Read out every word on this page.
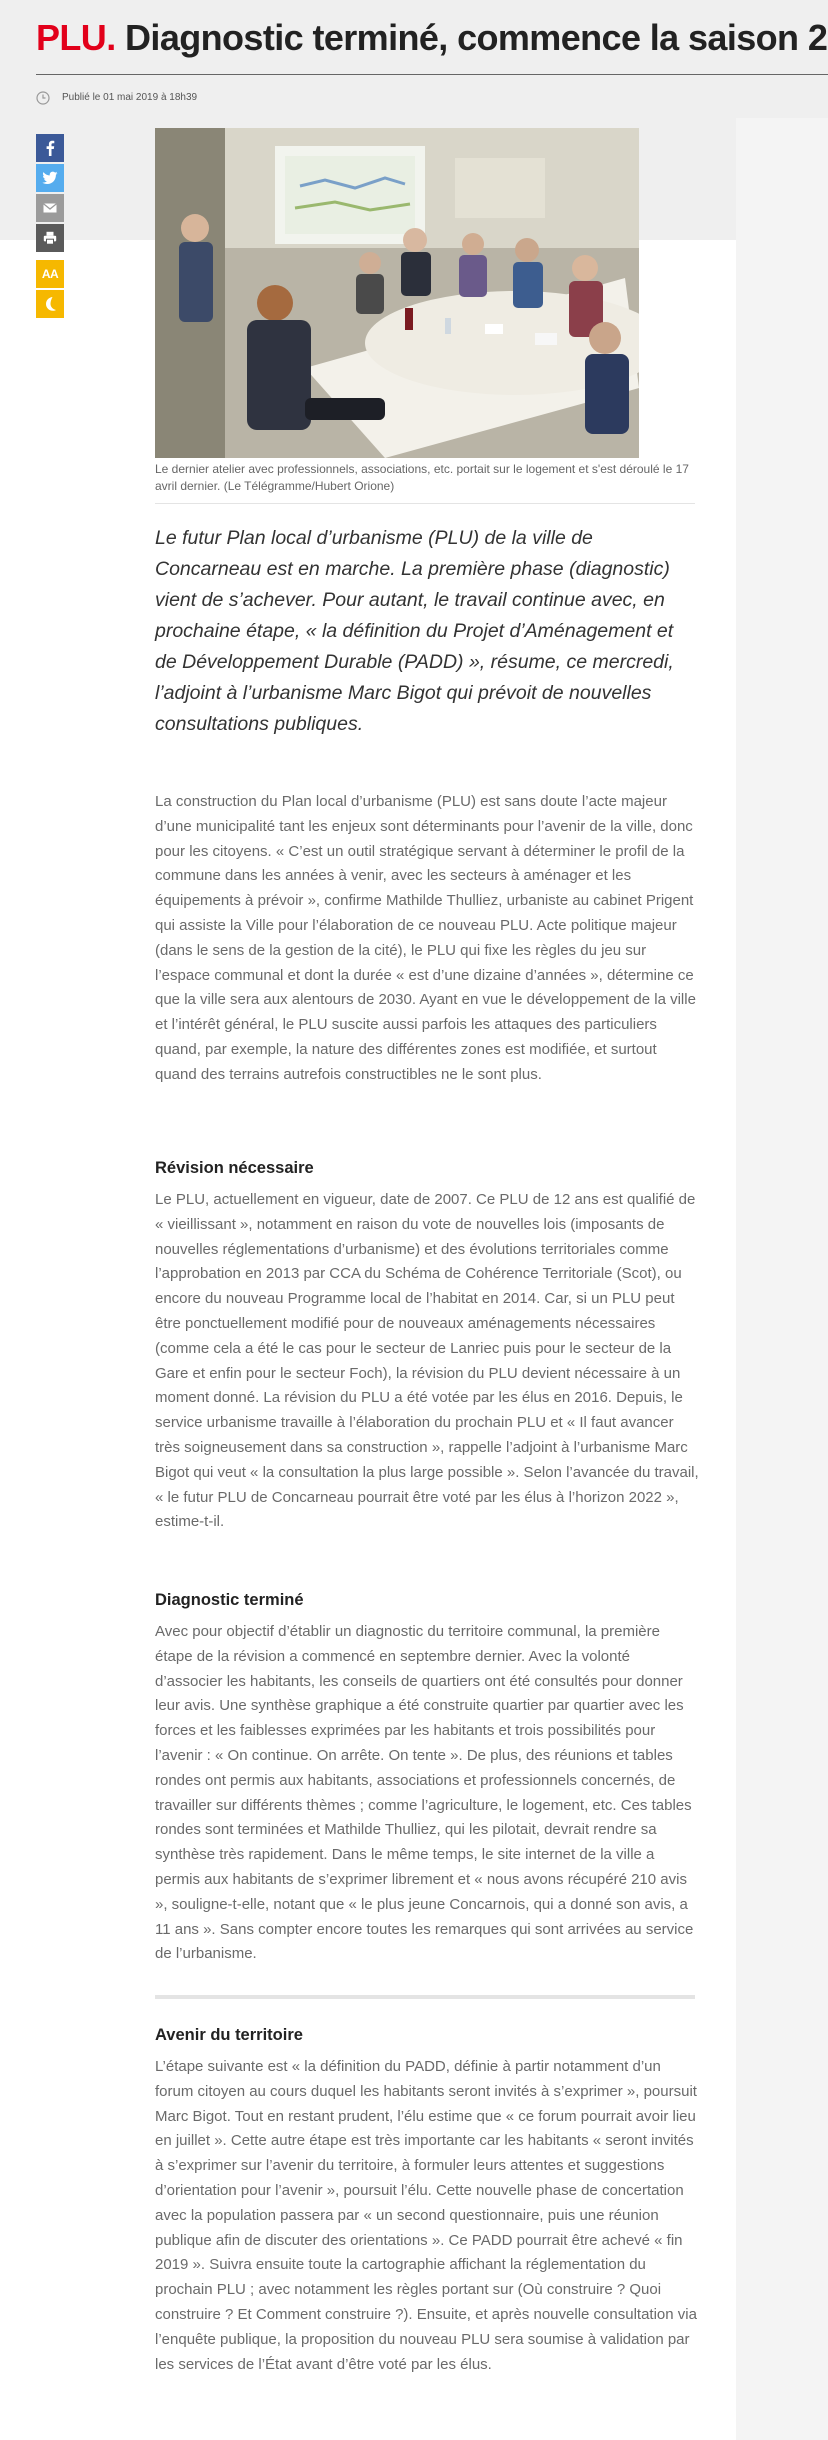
PLU. Diagnostic terminé, commence la saison 2
Publié le 01 mai 2019 à 18h39
AA

Le dernier atelier avec professionnels, associations, etc. portait sur le logement et s'est déroulé le 17 avril dernier. (Le Télégramme/Hubert Orione)

Le futur Plan local d’urbanisme (PLU) de la ville de Concarneau est en marche. La première phase (diagnostic) vient de s’achever. Pour autant, le travail continue avec, en prochaine étape, « la définition du Projet d’Aménagement et de Développement Durable (PADD) », résume, ce mercredi, l’adjoint à l’urbanisme Marc Bigot qui prévoit de nouvelles consultations publiques.

La construction du Plan local d’urbanisme (PLU) est sans doute l’acte majeur d’une municipalité tant les enjeux sont déterminants pour l’avenir de la ville, donc pour les citoyens. « C’est un outil stratégique servant à déterminer le profil de la commune dans les années à venir, avec les secteurs à aménager et les équipements à prévoir », confirme Mathilde Thulliez, urbaniste au cabinet Prigent qui assiste la Ville pour l’élaboration de ce nouveau PLU. Acte politique majeur (dans le sens de la gestion de la cité), le PLU qui fixe les règles du jeu sur l’espace communal et dont la durée « est d’une dizaine d’années », détermine ce que la ville sera aux alentours de 2030. Ayant en vue le développement de la ville et l’intérêt général, le PLU suscite aussi parfois les attaques des particuliers quand, par exemple, la nature des différentes zones est modifiée, et surtout quand des terrains autrefois constructibles ne le sont plus.

Révision nécessaire

Le PLU, actuellement en vigueur, date de 2007. Ce PLU de 12 ans est qualifié de « vieillissant », notamment en raison du vote de nouvelles lois (imposants de nouvelles réglementations d’urbanisme) et des évolutions territoriales comme l’approbation en 2013 par CCA du Schéma de Cohérence Territoriale (Scot), ou encore du nouveau Programme local de l’habitat en 2014. Car, si un PLU peut être ponctuellement modifié pour de nouveaux aménagements nécessaires (comme cela a été le cas pour le secteur de Lanriec puis pour le secteur de la Gare et enfin pour le secteur Foch), la révision du PLU devient nécessaire à un moment donné. La révision du PLU a été votée par les élus en 2016. Depuis, le service urbanisme travaille à l’élaboration du prochain PLU et « Il faut avancer très soigneusement dans sa construction », rappelle l’adjoint à l’urbanisme Marc Bigot qui veut « la consultation la plus large possible ». Selon l’avancée du travail, « le futur PLU de Concarneau pourrait être voté par les élus à l’horizon 2022 », estime-t-il.

Diagnostic terminé

Avec pour objectif d’établir un diagnostic du territoire communal, la première étape de la révision a commencé en septembre dernier. Avec la volonté d’associer les habitants, les conseils de quartiers ont été consultés pour donner leur avis. Une synthèse graphique a été construite quartier par quartier avec les forces et les faiblesses exprimées par les habitants et trois possibilités pour l’avenir : « On continue. On arrête. On tente ». De plus, des réunions et tables rondes ont permis aux habitants, associations et professionnels concernés, de travailler sur différents thèmes ; comme l’agriculture, le logement, etc. Ces tables rondes sont terminées et Mathilde Thulliez, qui les pilotait, devrait rendre sa synthèse très rapidement. Dans le même temps, le site internet de la ville a permis aux habitants de s’exprimer librement et « nous avons récupéré 210 avis », souligne-t-elle, notant que « le plus jeune Concarnois, qui a donné son avis, a 11 ans ». Sans compter encore toutes les remarques qui sont arrivées au service de l’urbanisme.

Avenir du territoire

L’étape suivante est « la définition du PADD, définie à partir notamment d’un forum citoyen au cours duquel les habitants seront invités à s’exprimer », poursuit Marc Bigot. Tout en restant prudent, l’élu estime que « ce forum pourrait avoir lieu en juillet ». Cette autre étape est très importante car les habitants « seront invités à s’exprimer sur l’avenir du territoire, à formuler leurs attentes et suggestions d’orientation pour l’avenir », poursuit l’élu. Cette nouvelle phase de concertation avec la population passera par « un second questionnaire, puis une réunion publique afin de discuter des orientations ». Ce PADD pourrait être achevé « fin 2019 ». Suivra ensuite toute la cartographie affichant la réglementation du prochain PLU ; avec notamment les règles portant sur (Où construire ? Quoi construire ? Et Comment construire ?). Ensuite, et après nouvelle consultation via l’enquête publique, la proposition du nouveau PLU sera soumise à validation par les services de l’État avant d’être voté par les élus.
